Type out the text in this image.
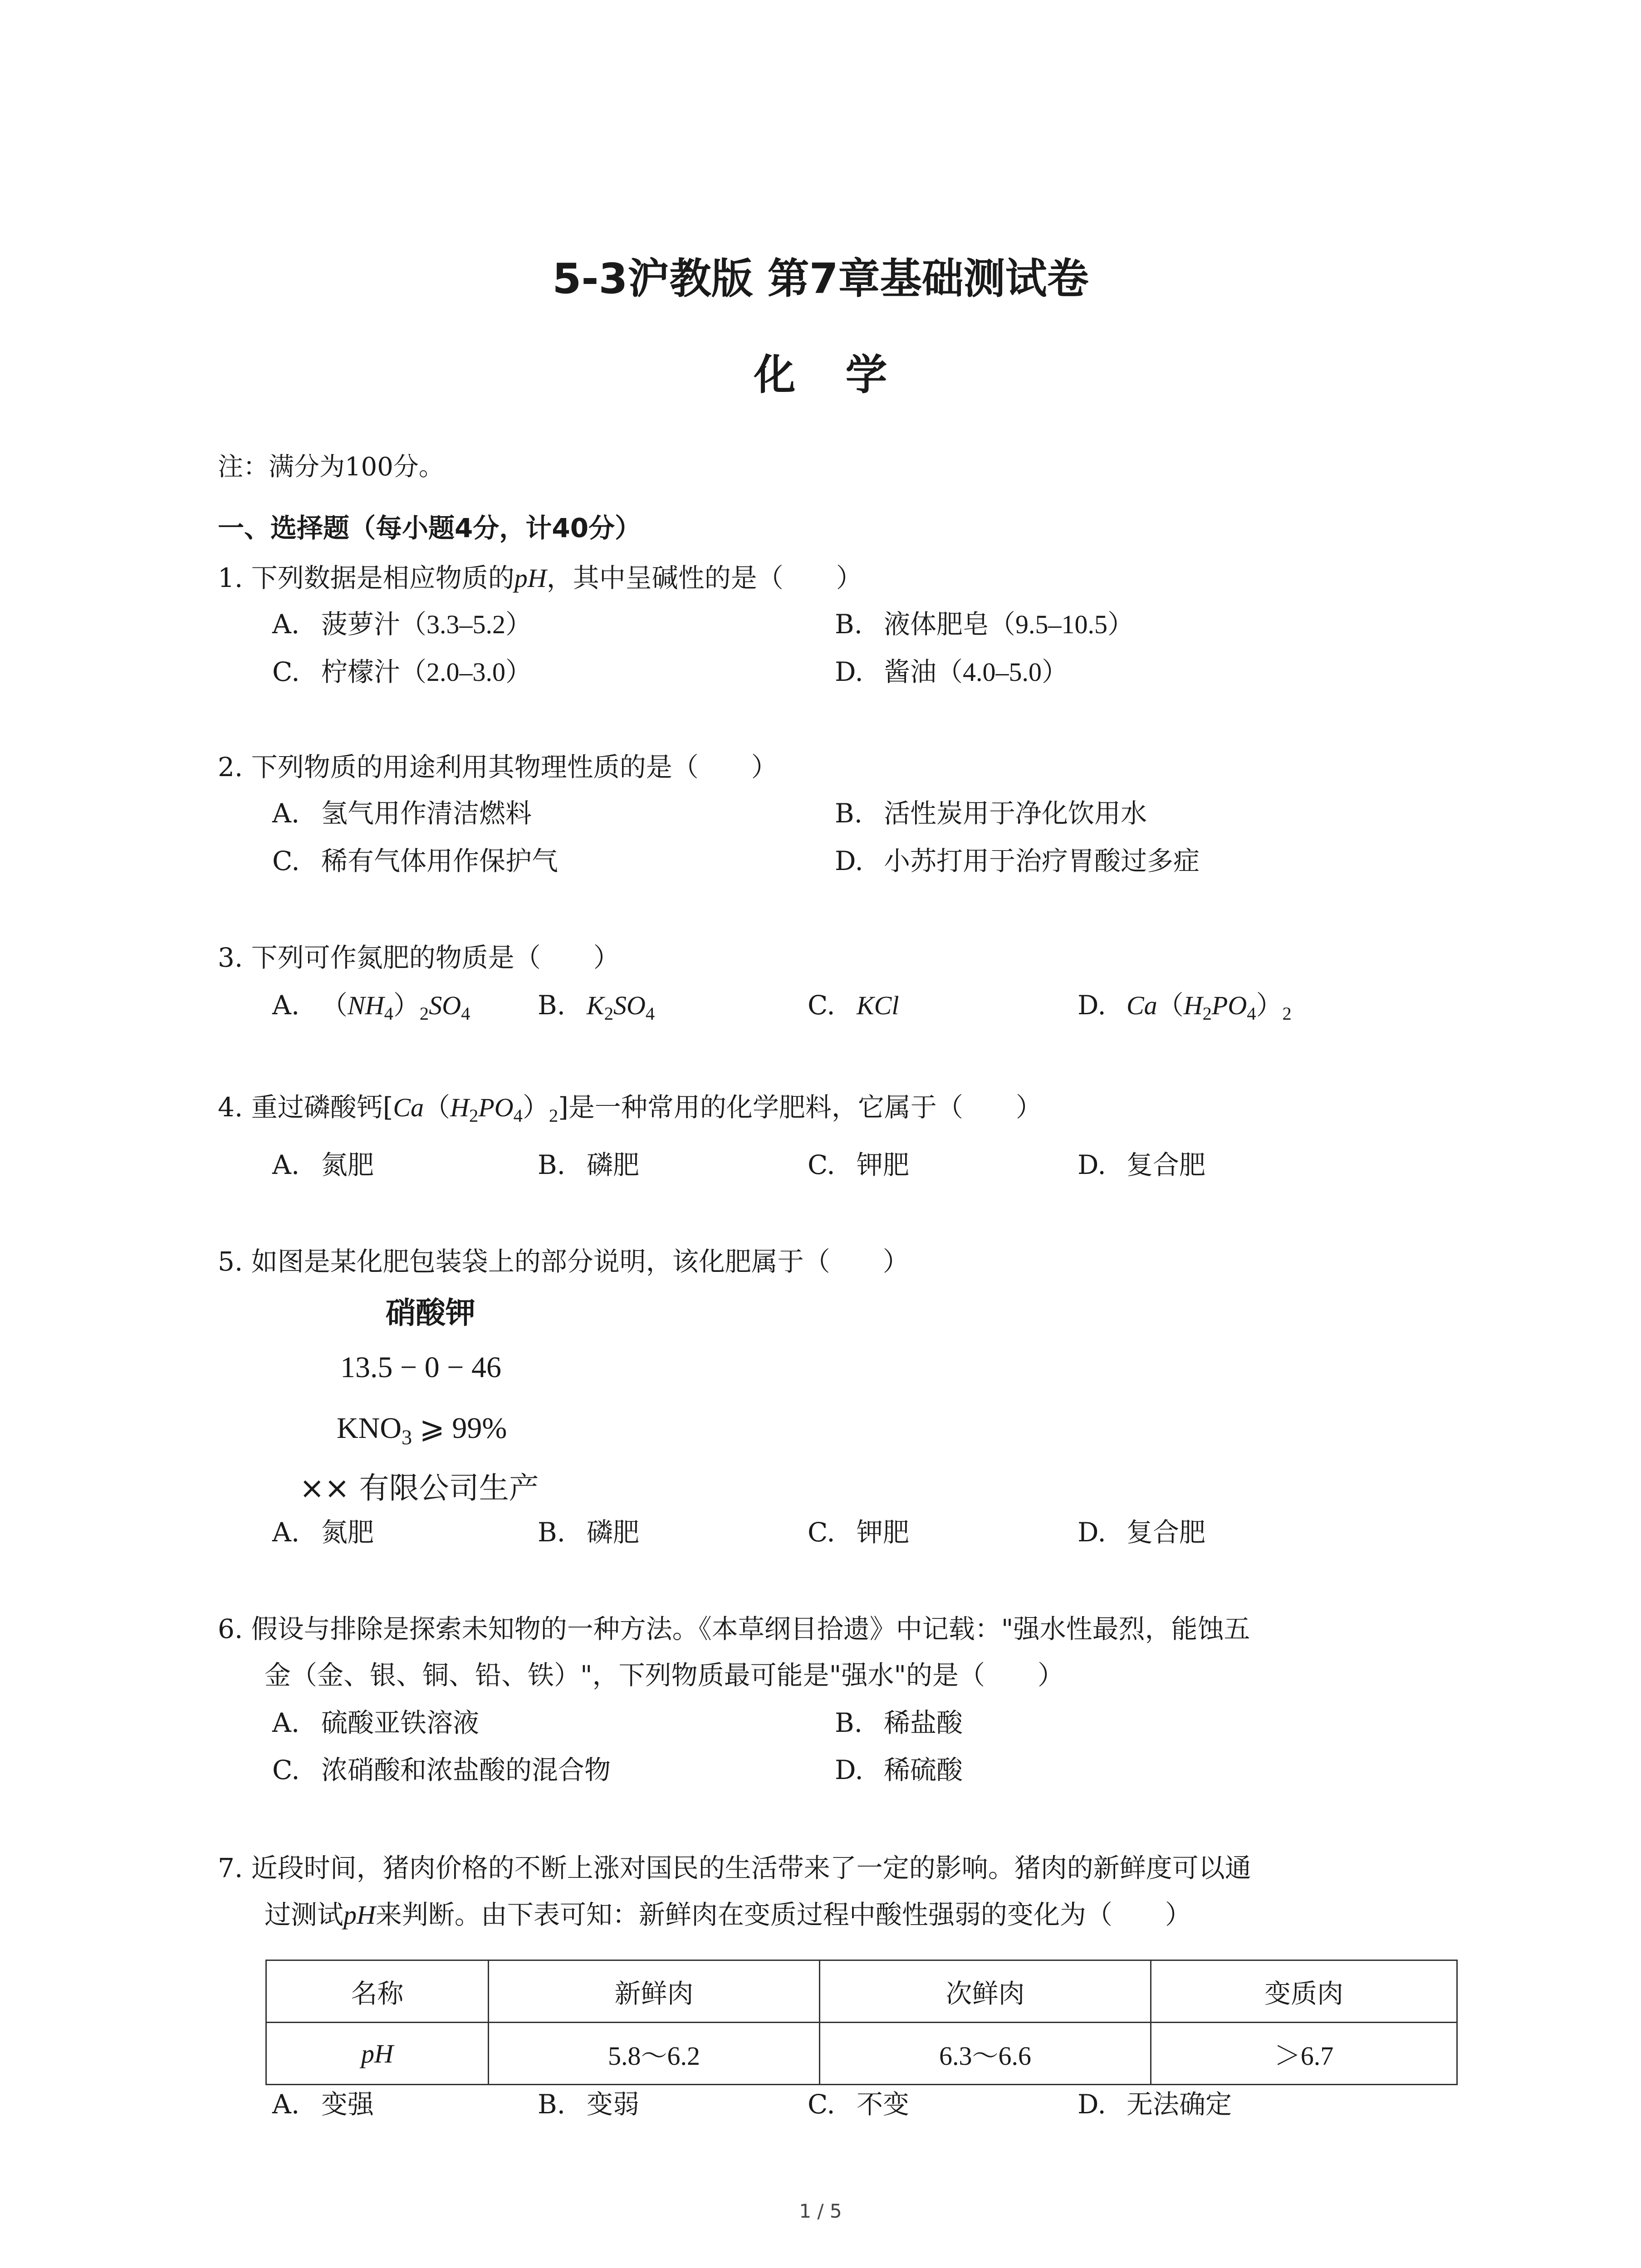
5-3沪教版 第7章基础测试卷
化学
注：满分为100分。
一、选择题（每小题4分，计40分）
1. 下列数据是相应物质的pH，其中呈碱性的是（　　）
A. 菠萝汁（3.3–5.2）	B. 液体肥皂（9.5–10.5）
C. 柠檬汁（2.0–3.0）	D. 酱油（4.0–5.0）
2. 下列物质的用途利用其物理性质的是（　　）
A. 氢气用作清洁燃料	B. 活性炭用于净化饮用水
C. 稀有气体用作保护气	D. 小苏打用于治疗胃酸过多症
3. 下列可作氮肥的物质是（　　）
A. $(NH_4)_2SO_4$	B. $K_2SO_4$	C. KCl	D. $Ca(H_2PO_4)_2$
4. 重过磷酸钙$[Ca(H_2PO_4)_2]$是一种常用的化学肥料，它属于（　　）
A. 氮肥	B. 磷肥	C. 钾肥	D. 复合肥
5. 如图是某化肥包装袋上的部分说明，该化肥属于（　　）
硝酸钾
13.5 − 0 − 46
$KNO_3$ ⩾ 99%
×× 有限公司生产
A. 氮肥	B. 磷肥	C. 钾肥	D. 复合肥
6. 假设与排除是探索未知物的一种方法。《本草纲目拾遗》中记载："强水性最烈，能蚀五
金（金、银、铜、铅、铁）"，下列物质最可能是"强水"的是（　　）
A. 硫酸亚铁溶液	B. 稀盐酸
C. 浓硝酸和浓盐酸的混合物	D. 稀硫酸
7. 近段时间，猪肉价格的不断上涨对国民的生活带来了一定的影响。猪肉的新鲜度可以通
过测试pH来判断。由下表可知：新鲜肉在变质过程中酸性强弱的变化为（　　）
名称	新鲜肉	次鲜肉	变质肉
pH	5.8～6.2	6.3～6.6	＞6.7
A. 变强	B. 变弱	C. 不变	D. 无法确定
1 / 5
